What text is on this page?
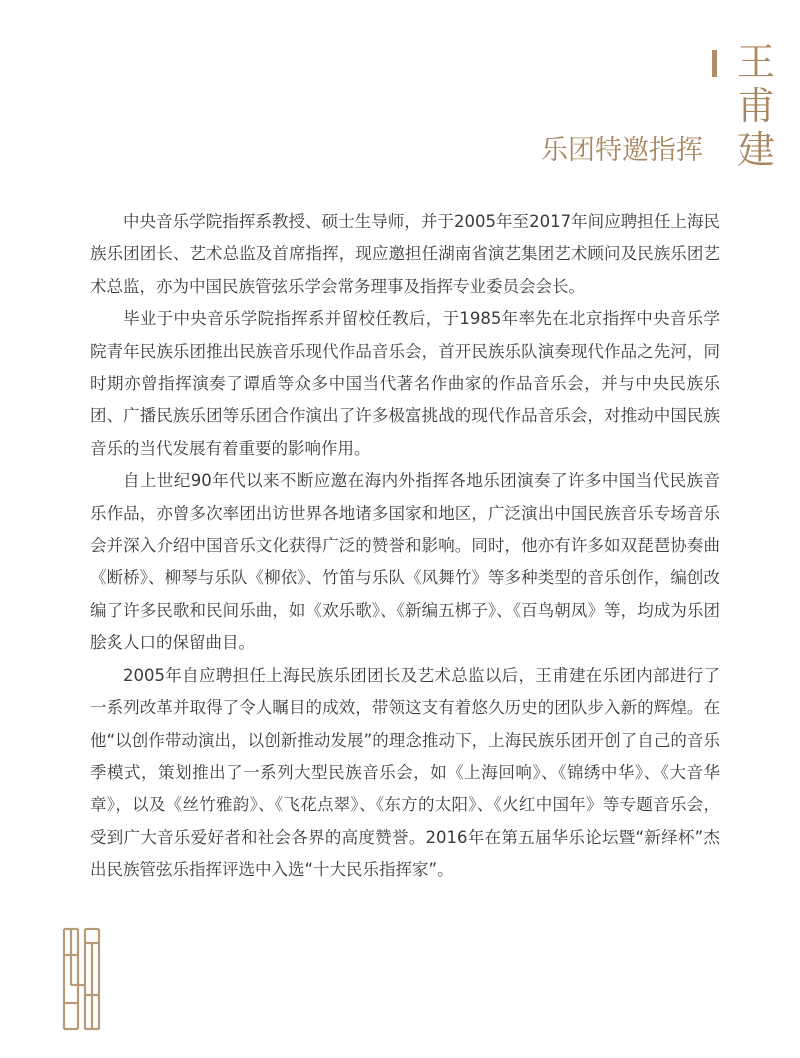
王甫建
乐团特邀指挥

中央音乐学院指挥系教授、硕士生导师，并于2005年至2017年间应聘担任上海民族乐团团长、艺术总监及首席指挥，现应邀担任湖南省演艺集团艺术顾问及民族乐团艺术总监，亦为中国民族管弦乐学会常务理事及指挥专业委员会会长。

毕业于中央音乐学院指挥系并留校任教后，于1985年率先在北京指挥中央音乐学院青年民族乐团推出民族音乐现代作品音乐会，首开民族乐队演奏现代作品之先河，同时期亦曾指挥演奏了谭盾等众多中国当代著名作曲家的作品音乐会，并与中央民族乐团、广播民族乐团等乐团合作演出了许多极富挑战的现代作品音乐会，对推动中国民族音乐的当代发展有着重要的影响作用。

自上世纪90年代以来不断应邀在海内外指挥各地乐团演奏了许多中国当代民族音乐作品，亦曾多次率团出访世界各地诸多国家和地区，广泛演出中国民族音乐专场音乐会并深入介绍中国音乐文化获得广泛的赞誉和影响。同时，他亦有许多如双琵琶协奏曲《断桥》、柳琴与乐队《柳依》、竹笛与乐队《风舞竹》等多种类型的音乐创作，编创改编了许多民歌和民间乐曲，如《欢乐歌》、《新编五梆子》、《百鸟朝凤》等，均成为乐团脍炙人口的保留曲目。

2005年自应聘担任上海民族乐团团长及艺术总监以后，王甫建在乐团内部进行了一系列改革并取得了令人瞩目的成效，带领这支有着悠久历史的团队步入新的辉煌。在他“以创作带动演出，以创新推动发展”的理念推动下，上海民族乐团开创了自己的音乐季模式，策划推出了一系列大型民族音乐会，如《上海回响》、《锦绣中华》、《大音华章》，以及《丝竹雅韵》、《飞花点翠》、《东方的太阳》、《火红中国年》等专题音乐会，受到广大音乐爱好者和社会各界的高度赞誉。2016年在第五届华乐论坛暨“新绎杯”杰出民族管弦乐指挥评选中入选“十大民乐指挥家”。
